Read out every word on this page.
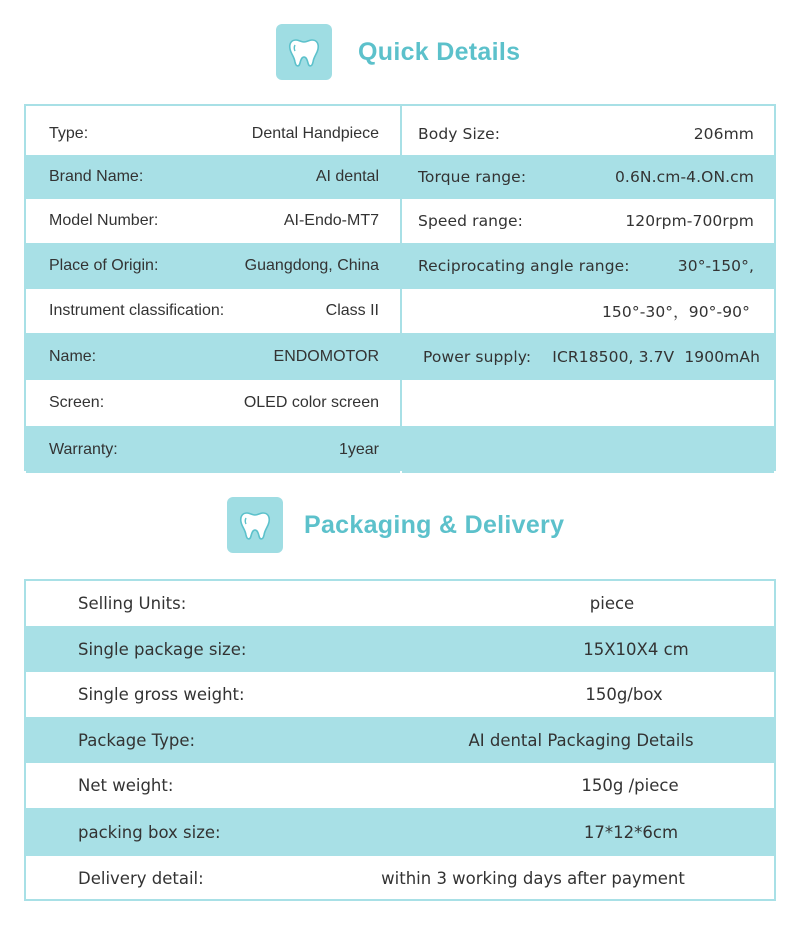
Quick Details
Type:	Dental Handpiece
Brand Name:	AI dental
Model Number:	AI-Endo-MT7
Place of Origin:	Guangdong, China
Instrument classification:	Class II
Name:	ENDOMOTOR
Screen:	OLED color screen
Warranty:	1year
Body Size:	206mm
Torque range:	0.6N.cm-4.ON.cm
Speed range:	120rpm-700rpm
Reciprocating angle range:	30°-150°,
150°-30°，90°-90°
Power supply: ICR18500, 3.7V  1900mAh
Packaging & Delivery
Selling Units:	piece
Single package size:	15X10X4 cm
Single gross weight:	150g/box
Package Type:	AI dental Packaging Details
Net weight:	150g /piece
packing box size:	17*12*6cm
Delivery detail:	within 3 working days after payment
